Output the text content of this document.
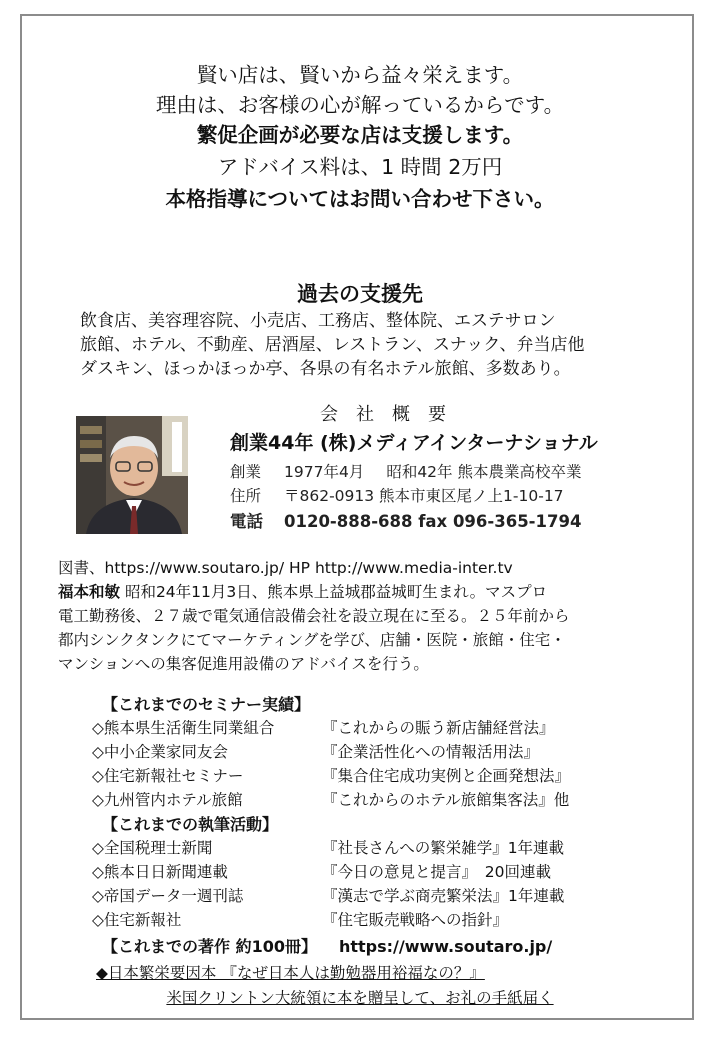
賢い店は、賢いから益々栄えます。
理由は、お客様の心が解っているからです。
繁促企画が必要な店は支援します。
アドバイス料は、1 時間 2万円
本格指導についてはお問い合わせ下さい。
過去の支援先
飲食店、美容理容院、小売店、工務店、整体院、エステサロン
旅館、ホテル、不動産、居酒屋、レストラン、スナック、弁当店他
ダスキン、ほっかほっか亭、各県の有名ホテル旅館、多数あり。
会社概要
創業44年 (株)メディアインターナショナル
創業 1977年4月 昭和42年 熊本農業高校卒業
住所 〒862-0913 熊本市東区尾ノ上1-10-17
電話 0120-888-688 fax 096-365-1794
図書、https://www.soutaro.jp/ HP http://www.media-inter.tv
福本和敏 昭和24年11月3日、熊本県上益城郡益城町生まれ。マスプロ
電工勤務後、２７歳で電気通信設備会社を設立現在に至る。２５年前から
都内シンクタンクにてマーケティングを学び、店舗・医院・旅館・住宅・
マンションへの集客促進用設備のアドバイスを行う。
【これまでのセミナー実績】
◇熊本県生活衛生同業組合	『これからの賑う新店舗経営法』
◇中小企業家同友会	『企業活性化への情報活用法』
◇住宅新報社セミナー	『集合住宅成功実例と企画発想法』
◇九州管内ホテル旅館	『これからのホテル旅館集客法』他
【これまでの執筆活動】
◇全国税理士新聞	『社長さんへの繁栄雑学』1年連載
◇熊本日日新聞連載	『今日の意見と提言』　20回連載
◇帝国データ一週刊誌	『漢志で学ぶ商売繁栄法』1年連載
◇住宅新報社	『住宅販売戦略への指針』
【これまでの著作 約100冊】 https://www.soutaro.jp/
◆日本繁栄要因本 『なぜ日本人は勤勉器用裕福なの？』
米国クリントン大統領に本を贈呈して、お礼の手紙届く
